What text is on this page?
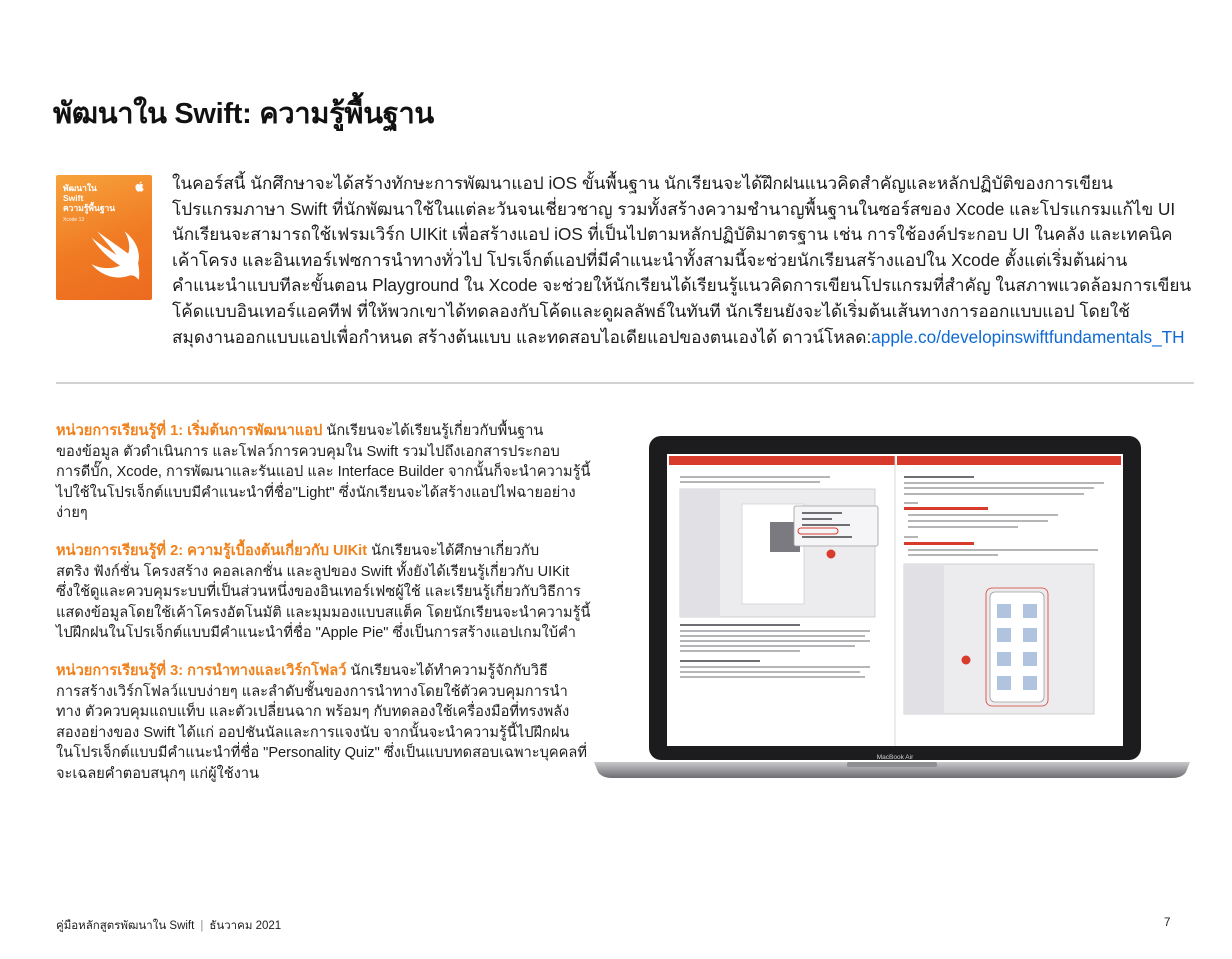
พัฒนาใน Swift: ความรู้พื้นฐาน
พัฒนาใน
Swift
ความรู้พื้นฐาน
Xcode 13
ในคอร์สนี้ นักศึกษาจะได้สร้างทักษะการพัฒนาแอป iOS ขั้นพื้นฐาน นักเรียนจะได้ฝึกฝนแนวคิดสำคัญและหลักปฏิบัติของการเขียน
โปรแกรมภาษา Swift ที่นักพัฒนาใช้ในแต่ละวันจนเชี่ยวชาญ รวมทั้งสร้างความชำนาญพื้นฐานในซอร์สของ Xcode และโปรแกรมแก้ไข UI
นักเรียนจะสามารถใช้เฟรมเวิร์ก UIKit เพื่อสร้างแอป iOS ที่เป็นไปตามหลักปฏิบัติมาตรฐาน เช่น การใช้องค์ประกอบ UI ในคลัง และเทคนิค
เค้าโครง และอินเทอร์เฟซการนำทางทั่วไป โปรเจ็กต์แอปที่มีคำแนะนำทั้งสามนี้จะช่วยนักเรียนสร้างแอปใน Xcode ตั้งแต่เริ่มต้นผ่าน
คำแนะนำแบบทีละขั้นตอน Playground ใน Xcode จะช่วยให้นักเรียนได้เรียนรู้แนวคิดการเขียนโปรแกรมที่สำคัญ ในสภาพแวดล้อมการเขียน
โค้ดแบบอินเทอร์แอคทีฟ ที่ให้พวกเขาได้ทดลองกับโค้ดและดูผลลัพธ์ในทันที นักเรียนยังจะได้เริ่มต้นเส้นทางการออกแบบแอป โดยใช้
สมุดงานออกแบบแอปเพื่อกำหนด สร้างต้นแบบ และทดสอบไอเดียแอปของตนเองได้ ดาวน์โหลด:apple.co/developinswiftfundamentals_TH
หน่วยการเรียนรู้ที่ 1: เริ่มต้นการพัฒนาแอป นักเรียนจะได้เรียนรู้เกี่ยวกับพื้นฐาน
ของข้อมูล ตัวดำเนินการ และโฟลว์การควบคุมใน Swift รวมไปถึงเอกสารประกอบ
การดีบั๊ก, Xcode, การพัฒนาและรันแอป และ Interface Builder จากนั้นก็จะนำความรู้นี้
ไปใช้ในโปรเจ็กต์แบบมีคำแนะนำที่ชื่อ"Light" ซึ่งนักเรียนจะได้สร้างแอปไฟฉายอย่าง
ง่ายๆ
หน่วยการเรียนรู้ที่ 2: ความรู้เบื้องต้นเกี่ยวกับ UIKit นักเรียนจะได้ศึกษาเกี่ยวกับ
สตริง ฟังก์ชั่น โครงสร้าง คอลเลกชั่น และลูปของ Swift ทั้งยังได้เรียนรู้เกี่ยวกับ UIKit
ซึ่งใช้ดูและควบคุมระบบที่เป็นส่วนหนึ่งของอินเทอร์เฟซผู้ใช้ และเรียนรู้เกี่ยวกับวิธีการ
แสดงข้อมูลโดยใช้เค้าโครงอัตโนมัติ และมุมมองแบบสแต็ค โดยนักเรียนจะนำความรู้นี้
ไปฝึกฝนในโปรเจ็กต์แบบมีคำแนะนำที่ชื่อ "Apple Pie" ซึ่งเป็นการสร้างแอปเกมใบ้คำ
หน่วยการเรียนรู้ที่ 3: การนำทางและเวิร์กโฟลว์ นักเรียนจะได้ทำความรู้จักกับวิธี
การสร้างเวิร์กโฟลว์แบบง่ายๆ และลำดับชั้นของการนำทางโดยใช้ตัวควบคุมการนำ
ทาง ตัวควบคุมแถบแท็บ และตัวเปลี่ยนฉาก พร้อมๆ กับทดลองใช้เครื่องมือที่ทรงพลัง
สองอย่างของ Swift ได้แก่ ออปชันนัลและการแจงนับ จากนั้นจะนำความรู้นี้ไปฝึกฝน
ในโปรเจ็กต์แบบมีคำแนะนำที่ชื่อ "Personality Quiz" ซึ่งเป็นแบบทดสอบเฉพาะบุคคลที่
จะเฉลยคำตอบสนุกๆ แก่ผู้ใช้งาน
MacBook Air
คู่มือหลักสูตรพัฒนาใน Swift | ธันวาคม 2021	7
